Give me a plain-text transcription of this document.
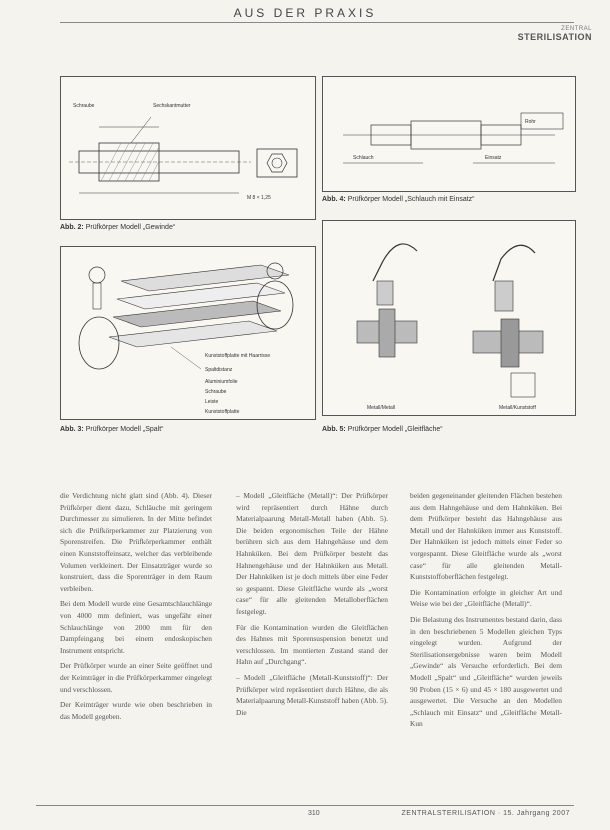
AUS DER PRAXIS
ZENTRAL
STERILISATION
Schraube	Sechskantmutter
M 8 × 1,25
Abb. 2: Prüfkörper Modell „Gewinde“
Rohr
Schlauch	Einsatz
Abb. 4: Prüfkörper Modell „Schlauch mit Einsatz“
Kunststoffplatte mit Haarrisse
Spaltdistanz
Aluminiumfolie
Schraube
Leiste
Kunststoffplatte
Abb. 3: Prüfkörper Modell „Spalt“
Metall/Metall	Metall/Kunststoff
Abb. 5: Prüfkörper Modell „Gleitfläche“

die Verdichtung nicht glatt sind (Abb. 4). Dieser Prüfkörper dient dazu, Schläuche mit geringem Durchmesser zu simulieren. In der Mitte befindet sich die Prüfkörperkammer zur Platzierung von Sporenstreifen. Die Prüfkörperkammer enthält einen Kunststoffeinsatz, welcher das verbleibende Volumen verkleinert. Der Einsatzträger wurde so konstruiert, dass die Sporenträger in dem Raum verbleiben.

Bei dem Modell wurde eine Gesamtschlauchlänge von 4000 mm definiert, was ungefähr einer Schlauchlänge von 2000 mm für den Dampfeingang bei einem endoskopischen Instrument entspricht.

Der Prüfkörper wurde an einer Seite geöffnet und der Keimträger in die Prüfkörperkammer eingelegt und verschlossen.

Der Keimträger wurde wie oben beschrieben in das Modell gegeben.

– Modell „Gleitfläche (Metall)“: Der Prüfkörper wird repräsentiert durch Hähne durch Materialpaarung Metall-Metall haben (Abb. 5). Die beiden ergonomischen Teile der Hähne berühren sich aus dem Hahngehäuse und dem Hahnküken. Bei dem Prüfkörper besteht das Hahnengehäuse und der Hahnküken aus Metall. Der Hahnküken ist je doch mittels über eine Feder so gespannt. Diese Gleitfläche wurde als „worst case“ für alle gleitenden Metalloberflächen festgelegt.

Für die Kontamination wurden die Gleitflächen des Hahnes mit Sporensuspension benetzt und verschlossen. Im montierten Zustand stand der Hahn auf „Durchgang“.

– Modell „Gleitfläche (Metall-Kunststoff)“: Der Prüfkörper wird repräsentiert durch Hähne, die als Materialpaarung Metall-Kunststoff haben (Abb. 5). Die

beiden gegeneinander gleitenden Flächen bestehen aus dem Hahngehäuse und dem Hahnküken. Bei dem Prüfkörper besteht das Hahngehäuse aus Metall und der Hahnküken immer aus Kunststoff. Der Hahnküken ist jedoch mittels einer Feder so vorgespannt. Diese Gleitfläche wurde als „worst case“ für alle gleitenden Metall-Kunststoffoberflächen festgelegt.

Die Kontamination erfolgte in gleicher Art und Weise wie bei der „Gleitfläche (Metall)“.

Die Belastung des Instrumentes bestand darin, dass in den beschriebenen 5 Modellen gleichen Typs eingelegt wurden. Aufgrund der Sterilisationsergebnisse waren beim Modell „Gewinde“ als Versuche erforderlich. Bei dem Modell „Spalt“ und „Gleitfläche“ wurden jeweils 90 Proben (15 × 6) und 45 × 180 ausgewertet und ausgewertet. Die Versuche an den Modellen „Schlauch mit Einsatz“ und „Gleitfläche Metall-Kun

310	ZENTRALSTERILISATION · 15. Jahrgang 2007
